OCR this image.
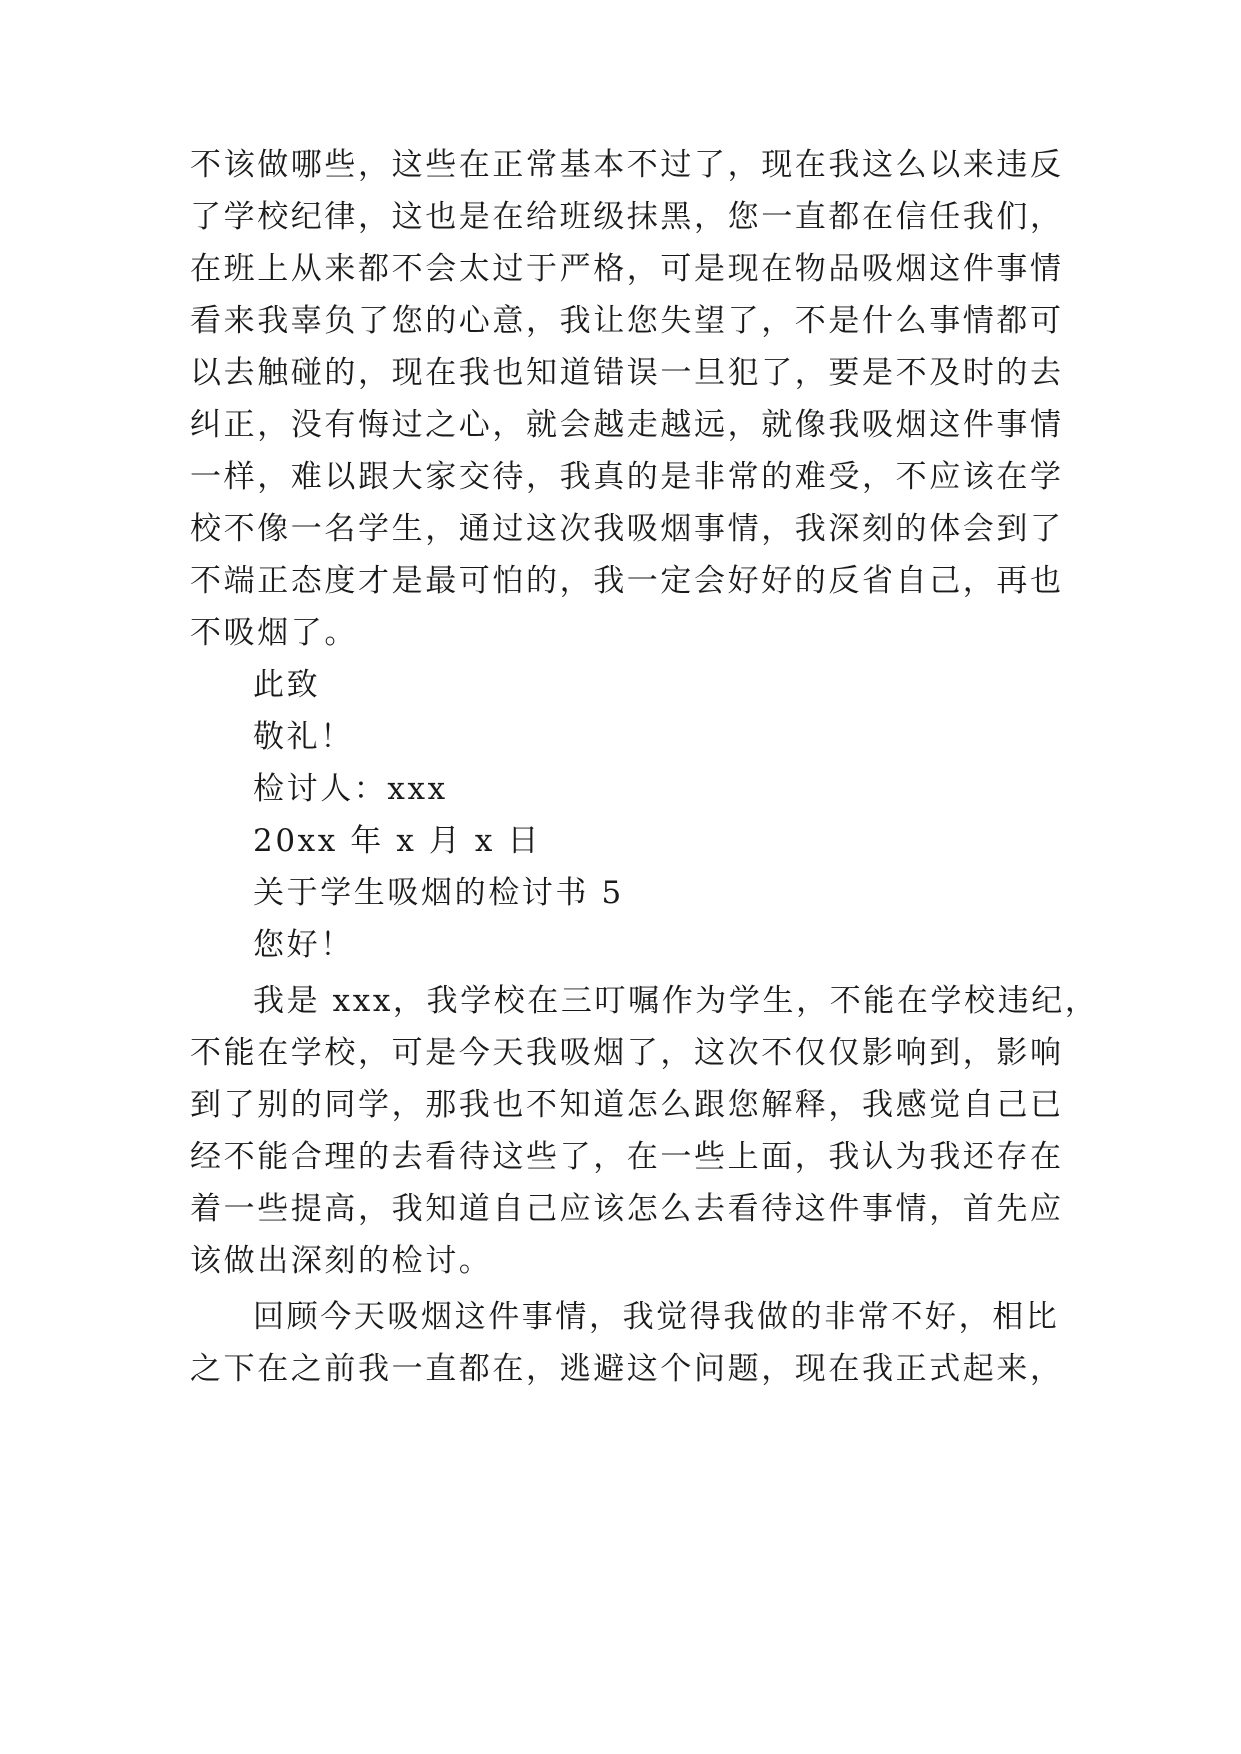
不该做哪些，这些在正常基本不过了，现在我这么以来违反

了学校纪律，这也是在给班级抹黑，您一直都在信任我们，

在班上从来都不会太过于严格，可是现在物品吸烟这件事情

看来我辜负了您的心意，我让您失望了，不是什么事情都可

以去触碰的，现在我也知道错误一旦犯了，要是不及时的去

纠正，没有悔过之心，就会越走越远，就像我吸烟这件事情

一样，难以跟大家交待，我真的是非常的难受，不应该在学

校不像一名学生，通过这次我吸烟事情，我深刻的体会到了

不端正态度才是最可怕的，我一定会好好的反省自己，再也

不吸烟了。

此致

敬礼！

检讨人：xxx

20xx 年 x 月 x 日

关于学生吸烟的检讨书 5

您好！

我是 xxx，我学校在三叮嘱作为学生，不能在学校违纪，

不能在学校，可是今天我吸烟了，这次不仅仅影响到，影响

到了别的同学，那我也不知道怎么跟您解释，我感觉自己已

经不能合理的去看待这些了，在一些上面，我认为我还存在

着一些提高，我知道自己应该怎么去看待这件事情，首先应

该做出深刻的检讨。

回顾今天吸烟这件事情，我觉得我做的非常不好，相比

之下在之前我一直都在，逃避这个问题，现在我正式起来，
